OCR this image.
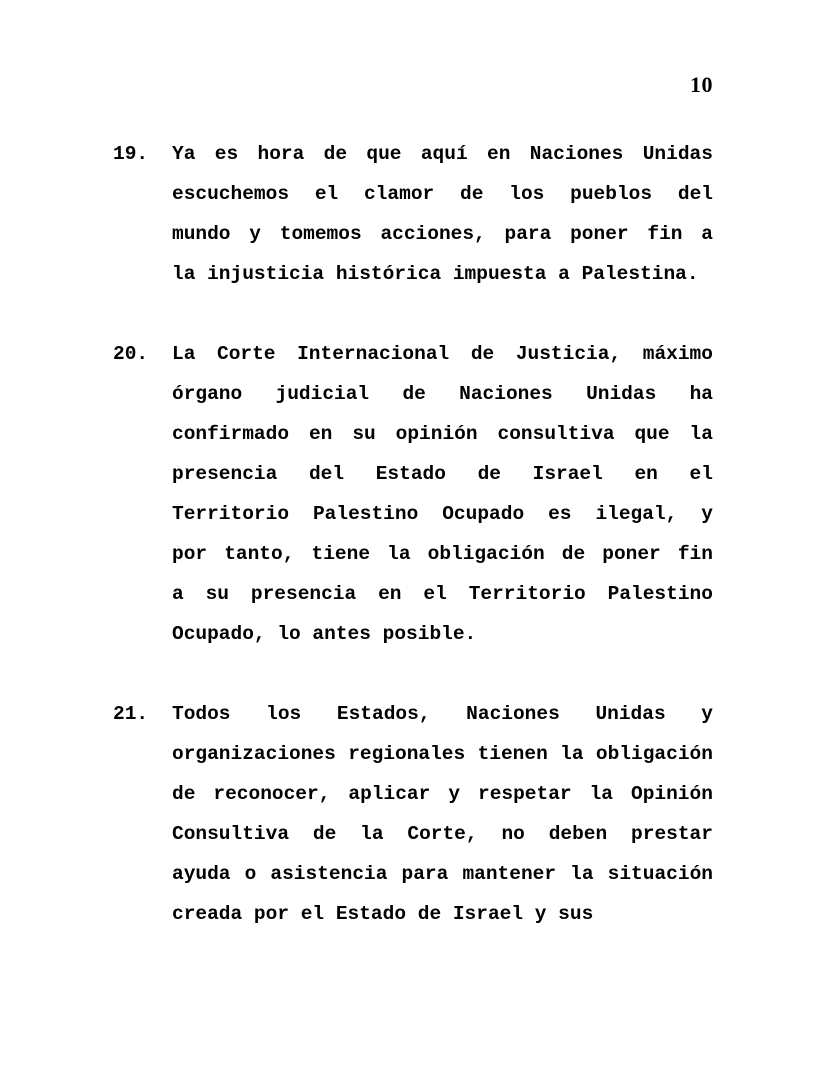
10
19.	Ya es hora de que aquí en Naciones Unidas
escuchemos el clamor de los pueblos del
mundo y tomemos acciones, para poner fin a
la injusticia histórica impuesta a Palestina.
20.	La Corte Internacional de Justicia, máximo
órgano judicial de Naciones Unidas ha
confirmado en su opinión consultiva que la
presencia del Estado de Israel en el
Territorio Palestino Ocupado es ilegal, y
por tanto, tiene la obligación de poner fin
a su presencia en el Territorio Palestino
Ocupado, lo antes posible.
21.	Todos los Estados, Naciones Unidas y
organizaciones regionales tienen la obligación
de reconocer, aplicar y respetar la Opinión
Consultiva de la Corte, no deben prestar
ayuda o asistencia para mantener la situación
creada por el Estado de Israel y sus
